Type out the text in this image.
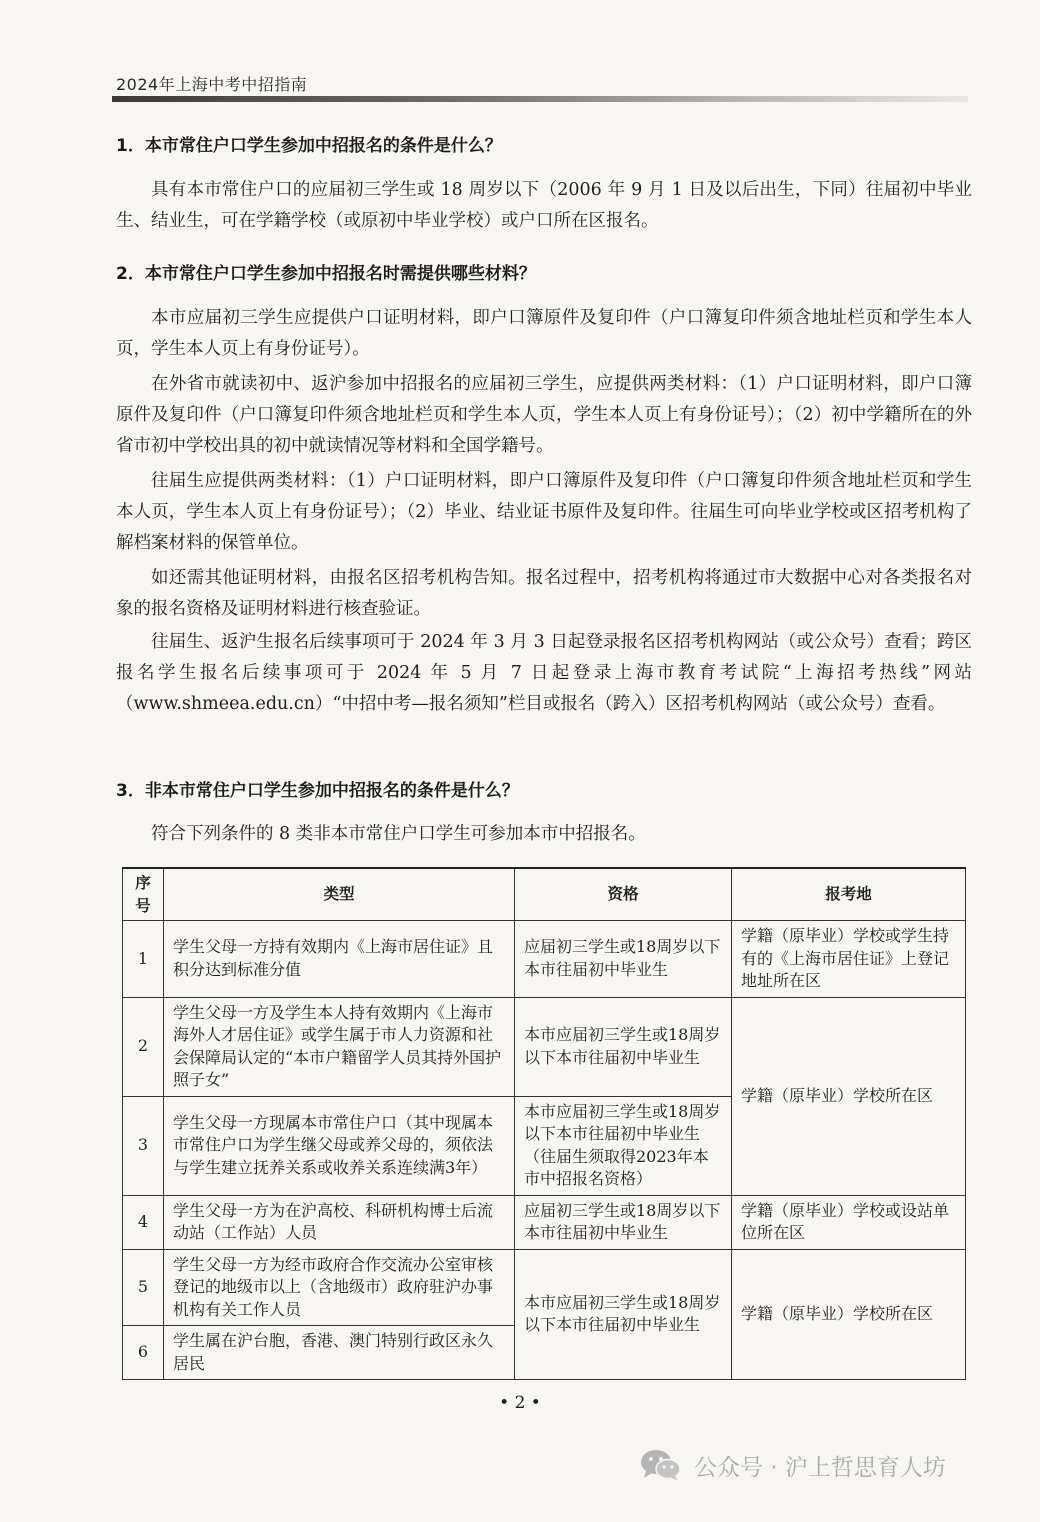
2024年上海中考中招指南
1．本市常住户口学生参加中招报名的条件是什么？

具有本市常住户口的应届初三学生或 18 周岁以下（2006 年 9 月 1 日及以后出生，下同）往届初中毕业生、结业生，可在学籍学校（或原初中毕业学校）或户口所在区报名。

2．本市常住户口学生参加中招报名时需提供哪些材料？

本市应届初三学生应提供户口证明材料，即户口簿原件及复印件（户口簿复印件须含地址栏页和学生本人页，学生本人页上有身份证号）。

在外省市就读初中、返沪参加中招报名的应届初三学生，应提供两类材料：（1）户口证明材料，即户口簿原件及复印件（户口簿复印件须含地址栏页和学生本人页，学生本人页上有身份证号）；（2）初中学籍所在的外省市初中学校出具的初中就读情况等材料和全国学籍号。

往届生应提供两类材料：（1）户口证明材料，即户口簿原件及复印件（户口簿复印件须含地址栏页和学生本人页，学生本人页上有身份证号）；（2）毕业、结业证书原件及复印件。往届生可向毕业学校或区招考机构了解档案材料的保管单位。

如还需其他证明材料，由报名区招考机构告知。报名过程中，招考机构将通过市大数据中心对各类报名对象的报名资格及证明材料进行核查验证。

往届生、返沪生报名后续事项可于 2024 年 3 月 3 日起登录报名区招考机构网站（或公众号）查看；跨区报名学生报名后续事项可于 2024 年 5 月 7 日起登录上海市教育考试院“上海招考热线”网站（www.shmeea.edu.cn）“中招中考—报名须知”栏目或报名（跨入）区招考机构网站（或公众号）查看。

3．非本市常住户口学生参加中招报名的条件是什么？

符合下列条件的 8 类非本市常住户口学生可参加本市中招报名。

序号	类型	资格	报考地
1	学生父母一方持有效期内《上海市居住证》且积分达到标准分值	应届初三学生或18周岁以下本市往届初中毕业生	学籍（原毕业）学校或学生持有的《上海市居住证》上登记地址所在区
2	学生父母一方及学生本人持有效期内《上海市海外人才居住证》或学生属于市人力资源和社会保障局认定的“本市户籍留学人员其持外国护照子女”	本市应届初三学生或18周岁以下本市往届初中毕业生	学籍（原毕业）学校所在区
3	学生父母一方现属本市常住户口（其中现属本市常住户口为学生继父母或养父母的，须依法与学生建立抚养关系或收养关系连续满3年）	本市应届初三学生或18周岁以下本市往届初中毕业生（往届生须取得2023年本市中招报名资格）	
4	学生父母一方为在沪高校、科研机构博士后流动站（工作站）人员	应届初三学生或18周岁以下本市往届初中毕业生	学籍（原毕业）学校或设站单位所在区
5	学生父母一方为经市政府合作交流办公室审核登记的地级市以上（含地级市）政府驻沪办事机构有关工作人员	本市应届初三学生或18周岁以下本市往届初中毕业生	学籍（原毕业）学校所在区
6	学生属在沪台胞，香港、澳门特别行政区永久居民		
• 2 •
公众号 · 沪上哲思育人坊
